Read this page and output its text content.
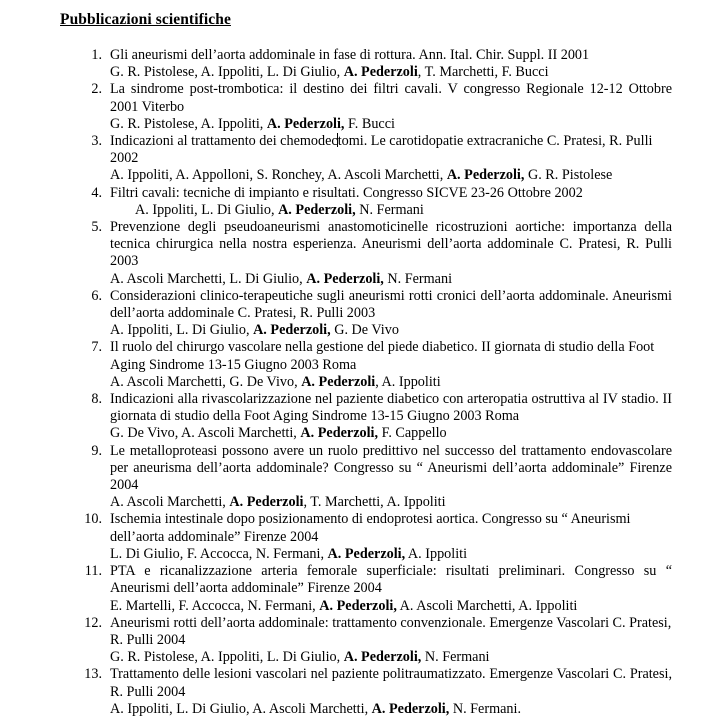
Pubblicazioni scientifiche
1. Gli aneurismi dell’aorta addominale in fase di rottura. Ann. Ital. Chir. Suppl. II 2001
G. R. Pistolese, A. Ippoliti, L. Di Giulio, A. Pederzoli, T. Marchetti, F. Bucci
2. La sindrome post-trombotica: il destino dei filtri cavali. V congresso Regionale 12-12 Ottobre 2001 Viterbo
G. R. Pistolese, A. Ippoliti, A. Pederzoli, F. Bucci
3. Indicazioni al trattamento dei chemodectomi. Le carotidopatie extracraniche C. Pratesi, R. Pulli 2002
A. Ippoliti, A. Appolloni, S. Ronchey, A. Ascoli Marchetti, A. Pederzoli, G. R. Pistolese
4. Filtri cavali: tecniche di impianto e risultati. Congresso SICVE 23-26 Ottobre 2002
A. Ippoliti, L. Di Giulio, A. Pederzoli, N. Fermani
5. Prevenzione degli pseudoaneurismi anastomoticinelle ricostruzioni aortiche: importanza della tecnica chirurgica nella nostra esperienza. Aneurismi dell’aorta addominale C. Pratesi, R. Pulli 2003
A. Ascoli Marchetti, L. Di Giulio, A. Pederzoli, N. Fermani
6. Considerazioni clinico-terapeutiche sugli aneurismi rotti cronici dell’aorta addominale. Aneurismi dell’aorta addominale C. Pratesi, R. Pulli 2003
A. Ippoliti, L. Di Giulio, A. Pederzoli, G. De Vivo
7. Il ruolo del chirurgo vascolare nella gestione del piede diabetico. II giornata di studio della Foot Aging Sindrome 13-15 Giugno 2003 Roma
A. Ascoli Marchetti, G. De Vivo, A. Pederzoli, A. Ippoliti
8. Indicazioni alla rivascolarizzazione nel paziente diabetico con arteropatia ostruttiva al IV stadio. II giornata di studio della Foot Aging Sindrome 13-15 Giugno 2003 Roma
G. De Vivo, A. Ascoli Marchetti, A. Pederzoli, F. Cappello
9. Le metalloproteasi possono avere un ruolo predittivo nel successo del trattamento endovascolare per aneurisma dell’aorta addominale? Congresso su “ Aneurismi dell’aorta addominale” Firenze 2004
A. Ascoli Marchetti, A. Pederzoli, T. Marchetti, A. Ippoliti
10. Ischemia intestinale dopo posizionamento di endoprotesi aortica. Congresso su “ Aneurismi dell’aorta addominale” Firenze 2004
L. Di Giulio, F. Accocca, N. Fermani, A. Pederzoli, A. Ippoliti
11. PTA e ricanalizzazione arteria femorale superficiale: risultati preliminari. Congresso su “ Aneurismi dell’aorta addominale” Firenze 2004
E. Martelli, F. Accocca, N. Fermani, A. Pederzoli, A. Ascoli Marchetti, A. Ippoliti
12. Aneurismi rotti dell’aorta addominale: trattamento convenzionale. Emergenze Vascolari C. Pratesi, R. Pulli 2004
G. R. Pistolese, A. Ippoliti, L. Di Giulio, A. Pederzoli, N. Fermani
13. Trattamento delle lesioni vascolari nel paziente politraumatizzato. Emergenze Vascolari C. Pratesi, R. Pulli 2004
A. Ippoliti, L. Di Giulio, A. Ascoli Marchetti, A. Pederzoli, N. Fermani.
